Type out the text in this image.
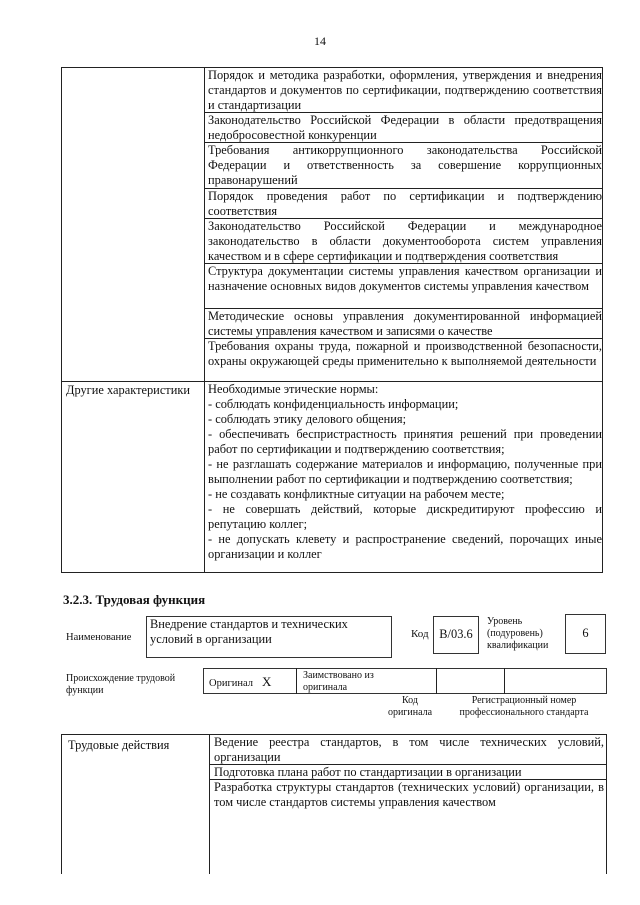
14
Порядок и методика разработки, оформления, утверждения и внедрения стандартов и документов по сертификации, подтверждению соответствия и стандартизации
Законодательство Российской Федерации в области предотвращения недобросовестной конкуренции
Требования антикоррупционного законодательства Российской Федерации и ответственность за совершение коррупционных правонарушений
Порядок проведения работ по сертификации и подтверждению соответствия
Законодательство Российской Федерации и международное законодательство в области документооборота систем управления качеством и в сфере сертификации и подтверждения соответствия
Структура документации системы управления качеством организации и назначение основных видов документов системы управления качеством
Методические основы управления документированной информацией системы управления качеством и записями о качестве
Требования охраны труда, пожарной и производственной безопасности, охраны окружающей среды применительно к выполняемой деятельности
Другие характеристики Необходимые этические нормы:
- соблюдать конфиденциальность информации;
- соблюдать этику делового общения;
- обеспечивать беспристрастность принятия решений при проведении работ по сертификации и подтверждению соответствия;
- не разглашать содержание материалов и информацию, полученные при выполнении работ по сертификации и подтверждению соответствия;
- не создавать конфликтные ситуации на рабочем месте;
- не совершать действий, которые дискредитируют профессию и репутацию коллег;
- не допускать клевету и распространение сведений, порочащих иные организации и коллег
3.2.3. Трудовая функция
Наименование
Внедрение стандартов и технических условий в организации	Код B/03.6
Уровень (подуровень) квалификации
6
Происхождение трудовой функции
Оригинал X	Заимствовано из оригинала
Код оригинала
Регистрационный номер профессионального стандарта
Трудовые действия	Ведение реестра стандартов, в том числе технических условий, организации
Подготовка плана работ по стандартизации в организации
Разработка структуры стандартов (технических условий) организации, в том числе стандартов системы управления качеством
